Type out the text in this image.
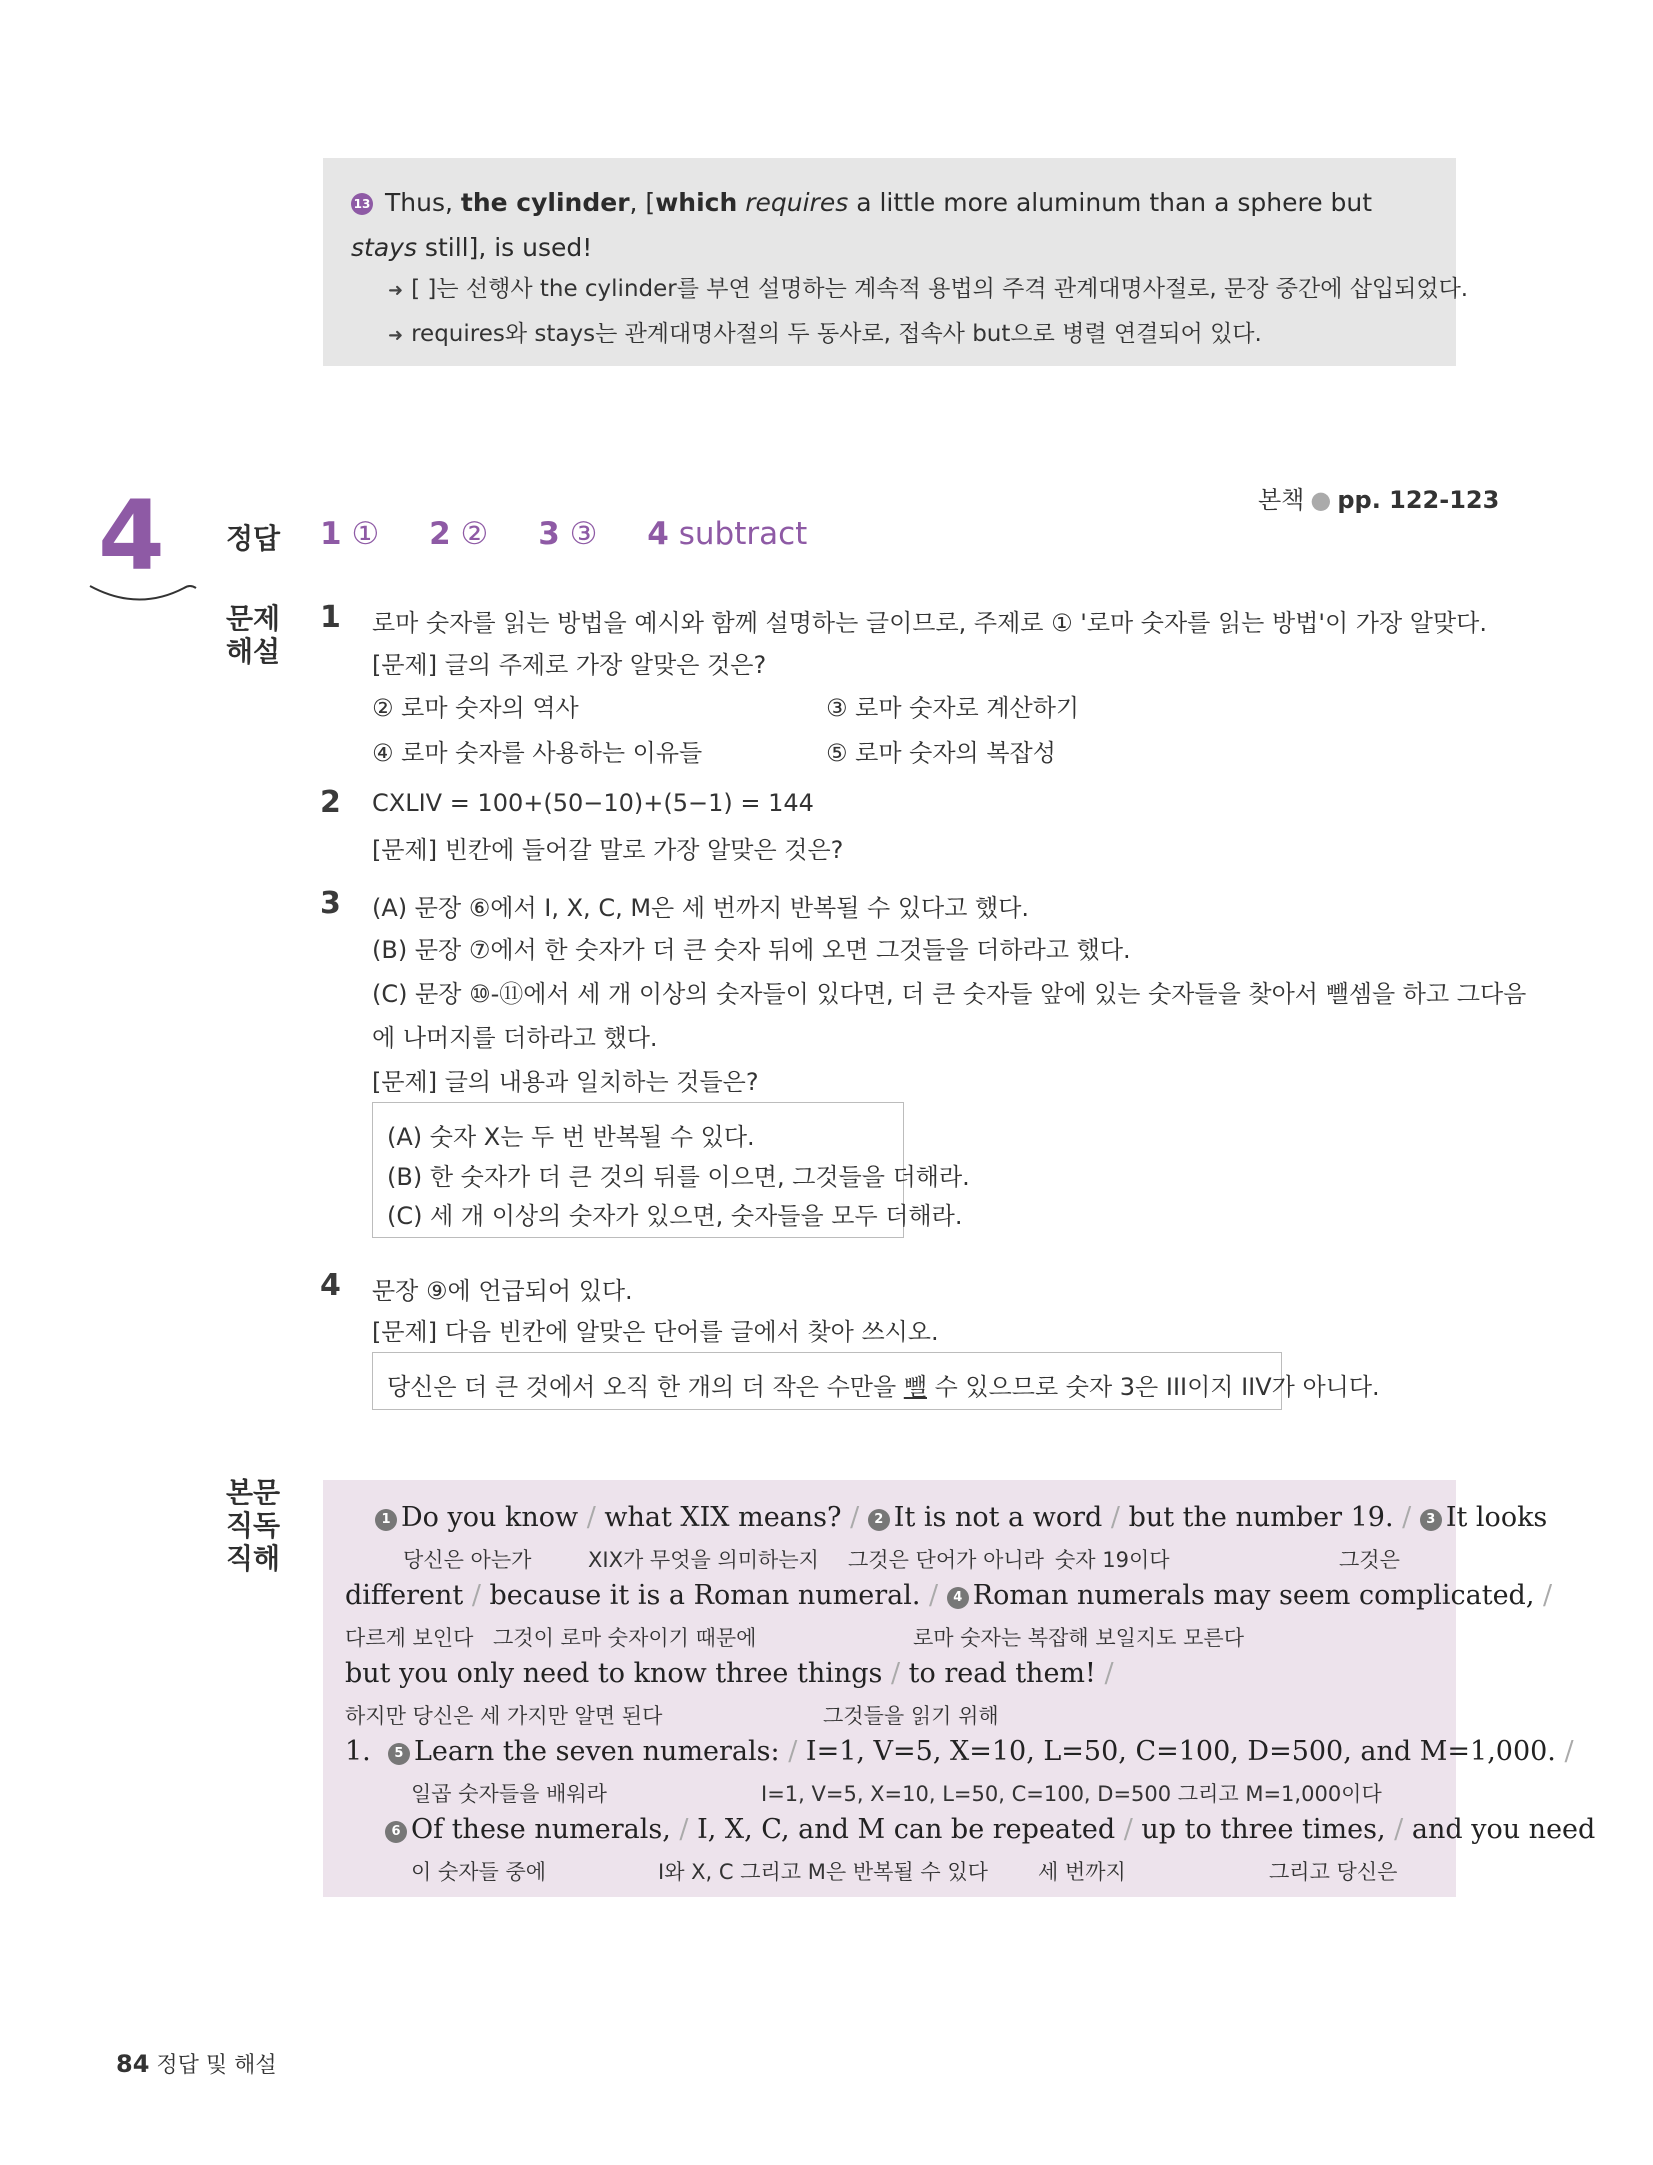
13 Thus, the cylinder, [which requires a little more aluminum than a sphere but stays still], is used!
➜ [ ]는 선행사 the cylinder를 부연 설명하는 계속적 용법의 주격 관계대명사절로, 문장 중간에 삽입되었다.
➜ requires와 stays는 관계대명사절의 두 동사로, 접속사 but으로 병렬 연결되어 있다.
4	본책 ● pp. 122-123
정답 1 ① 2 ② 3 ③ 4 subtract
문제
해설
1 로마 숫자를 읽는 방법을 예시와 함께 설명하는 글이므로, 주제로 ① '로마 숫자를 읽는 방법'이 가장 알맞다.
[문제] 글의 주제로 가장 알맞은 것은?
② 로마 숫자의 역사	③ 로마 숫자로 계산하기
④ 로마 숫자를 사용하는 이유들	⑤ 로마 숫자의 복잡성
2 CXLIV = 100+(50−10)+(5−1) = 144
[문제] 빈칸에 들어갈 말로 가장 알맞은 것은?
3 (A) 문장 ⑥에서 I, X, C, M은 세 번까지 반복될 수 있다고 했다.
(B) 문장 ⑦에서 한 숫자가 더 큰 숫자 뒤에 오면 그것들을 더하라고 했다.
(C) 문장 ⑩-⑪에서 세 개 이상의 숫자들이 있다면, 더 큰 숫자들 앞에 있는 숫자들을 찾아서 뺄셈을 하고 그다음
에 나머지를 더하라고 했다.
[문제] 글의 내용과 일치하는 것들은?
(A) 숫자 X는 두 번 반복될 수 있다.
(B) 한 숫자가 더 큰 것의 뒤를 이으면, 그것들을 더해라.
(C) 세 개 이상의 숫자가 있으면, 숫자들을 모두 더해라.
4 문장 ⑨에 언급되어 있다.
[문제] 다음 빈칸에 알맞은 단어를 글에서 찾아 쓰시오.
당신은 더 큰 것에서 오직 한 개의 더 작은 수만을 뺄 수 있으므로 숫자 3은 III이지 IIV가 아니다.
본문
직독
직해
1 Do you know / what XIX means? / 2 It is not a word / but the number 19. / 3 It looks
당신은 아는가	XIX가 무엇을 의미하는지 그것은 단어가 아니라 숫자 19이다	그것은
different / because it is a Roman numeral. / 4 Roman numerals may seem complicated, /
다르게 보인다 그것이 로마 숫자이기 때문에	로마 숫자는 복잡해 보일지도 모른다
but you only need to know three things / to read them! /
하지만 당신은 세 가지만 알면 된다	그것들을 읽기 위해
1. 5 Learn the seven numerals: / I=1, V=5, X=10, L=50, C=100, D=500, and M=1,000. /
일곱 숫자들을 배워라	I=1, V=5, X=10, L=50, C=100, D=500 그리고 M=1,000이다
6 Of these numerals, / I, X, C, and M can be repeated / up to three times, / and you need
이 숫자들 중에	I와 X, C 그리고 M은 반복될 수 있다 세 번까지	그리고 당신은
84 정답 및 해설
